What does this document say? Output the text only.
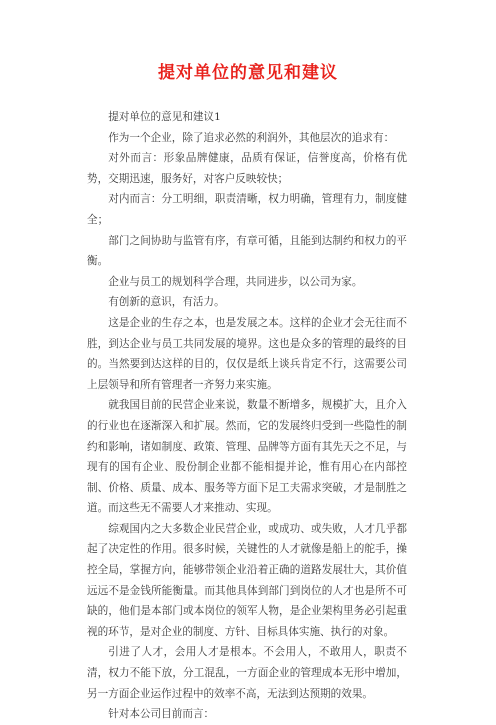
提对单位的意见和建议

提对单位的意见和建议1

作为一个企业，除了追求必然的利润外，其他层次的追求有：

对外而言：形象品牌健康，品质有保证，信誉度高，价格有优势，交期迅速，服务好，对客户反映较快；

对内而言：分工明细，职责清晰，权力明确，管理有力，制度健全；

部门之间协助与监管有序，有章可循，且能到达制约和权力的平衡。

企业与员工的规划科学合理，共同进步，以公司为家。

有创新的意识，有活力。

这是企业的生存之本，也是发展之本。这样的企业才会无往而不胜，到达企业与员工共同发展的境界。这也是众多的管理的最终的目的。当然要到达这样的目的，仅仅是纸上谈兵肯定不行，这需要公司上层领导和所有管理者一齐努力来实施。

就我国目前的民营企业来说，数量不断增多，规模扩大，且介入的行业也在逐渐深入和扩展。然而，它的发展终归受到一些隐性的制约和影响，诸如制度、政策、管理、品牌等方面有其先天之不足，与现有的国有企业、股份制企业都不能相提并论，惟有用心在内部控制、价格、质量、成本、服务等方面下足工夫需求突破，才是制胜之道。而这些无不需要人才来推动、实现。

综观国内之大多数企业民营企业，或成功、或失败，人才几乎都起了决定性的作用。很多时候，关键性的人才就像是船上的舵手，操控全局，掌握方向，能够带领企业沿着正确的道路发展壮大，其价值远远不是金钱所能衡量。而其他具体到部门到岗位的人才也是所不可缺的，他们是本部门或本岗位的领军人物，是企业架构里务必引起重视的环节，是对企业的制度、方针、目标具体实施、执行的对象。

引进了人才，会用人才是根本。不会用人，不敢用人，职责不清，权力不能下放，分工混乱，一方面企业的管理成本无形中增加，另一方面企业运作过程中的效率不高，无法到达预期的效果。

针对本公司目前而言：
